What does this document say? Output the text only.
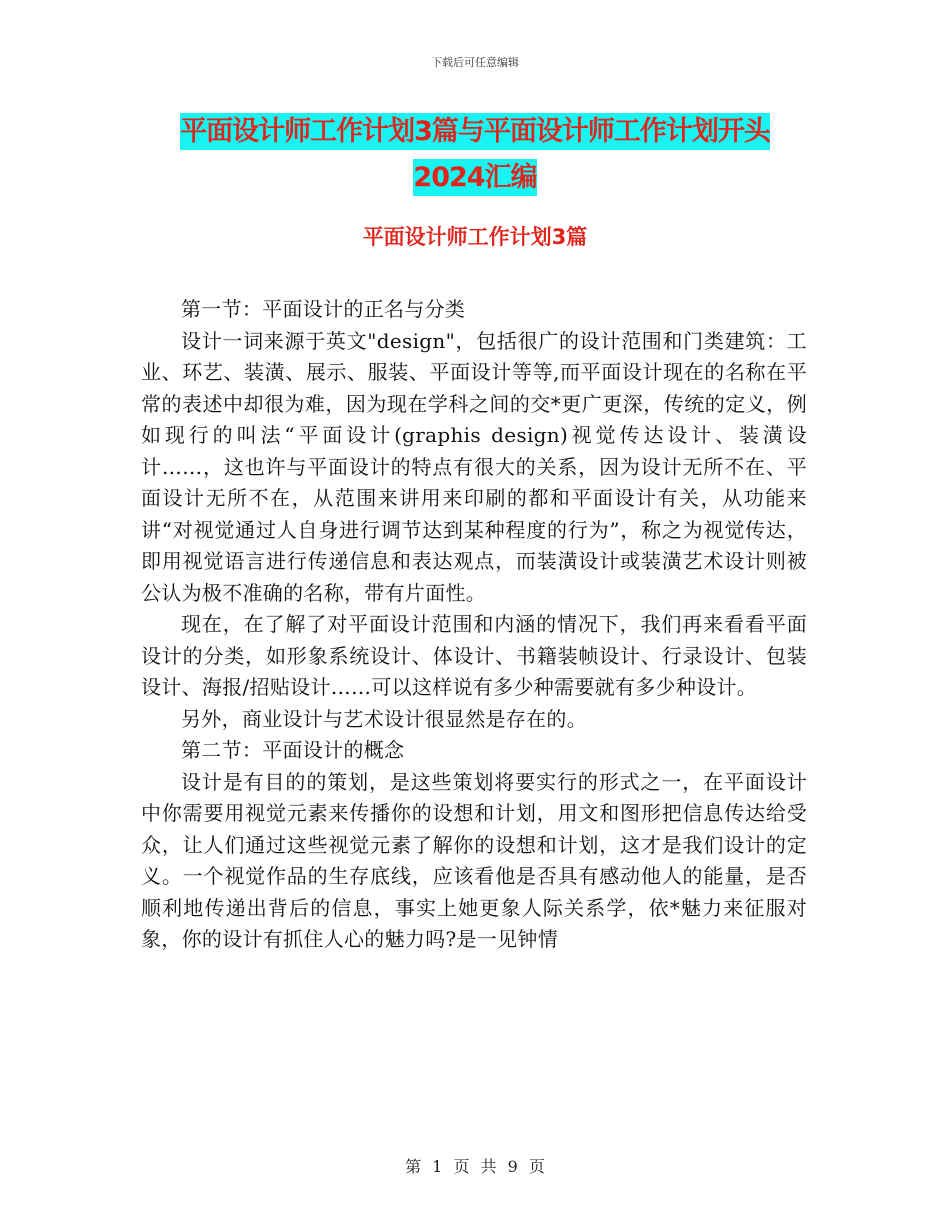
下载后可任意编辑
平面设计师工作计划3篇与平面设计师工作计划开头
2024汇编
平面设计师工作计划3篇

第一节：平面设计的正名与分类

设计一词来源于英文"design"，包括很广的设计范围和门类建筑：工业、环艺、装潢、展示、服装、平面设计等等,而平面设计现在的名称在平常的表述中却很为难，因为现在学科之间的交*更广更深，传统的定义，例如现行的叫法“平面设计(graphis design)视觉传达设计、装潢设计……，这也许与平面设计的特点有很大的关系，因为设计无所不在、平面设计无所不在，从范围来讲用来印刷的都和平面设计有关，从功能来讲“对视觉通过人自身进行调节达到某种程度的行为”，称之为视觉传达，即用视觉语言进行传递信息和表达观点，而装潢设计或装潢艺术设计则被公认为极不准确的名称，带有片面性。

现在，在了解了对平面设计范围和内涵的情况下，我们再来看看平面设计的分类，如形象系统设计、体设计、书籍装帧设计、行录设计、包装设计、海报/招贴设计……可以这样说有多少种需要就有多少种设计。

另外，商业设计与艺术设计很显然是存在的。

第二节：平面设计的概念

设计是有目的的策划，是这些策划将要实行的形式之一，在平面设计中你需要用视觉元素来传播你的设想和计划，用文和图形把信息传达给受众，让人们通过这些视觉元素了解你的设想和计划，这才是我们设计的定义。一个视觉作品的生存底线，应该看他是否具有感动他人的能量，是否顺利地传递出背后的信息，事实上她更象人际关系学，依*魅力来征服对象，你的设计有抓住人心的魅力吗?是一见钟情

第 1 页 共 9 页
